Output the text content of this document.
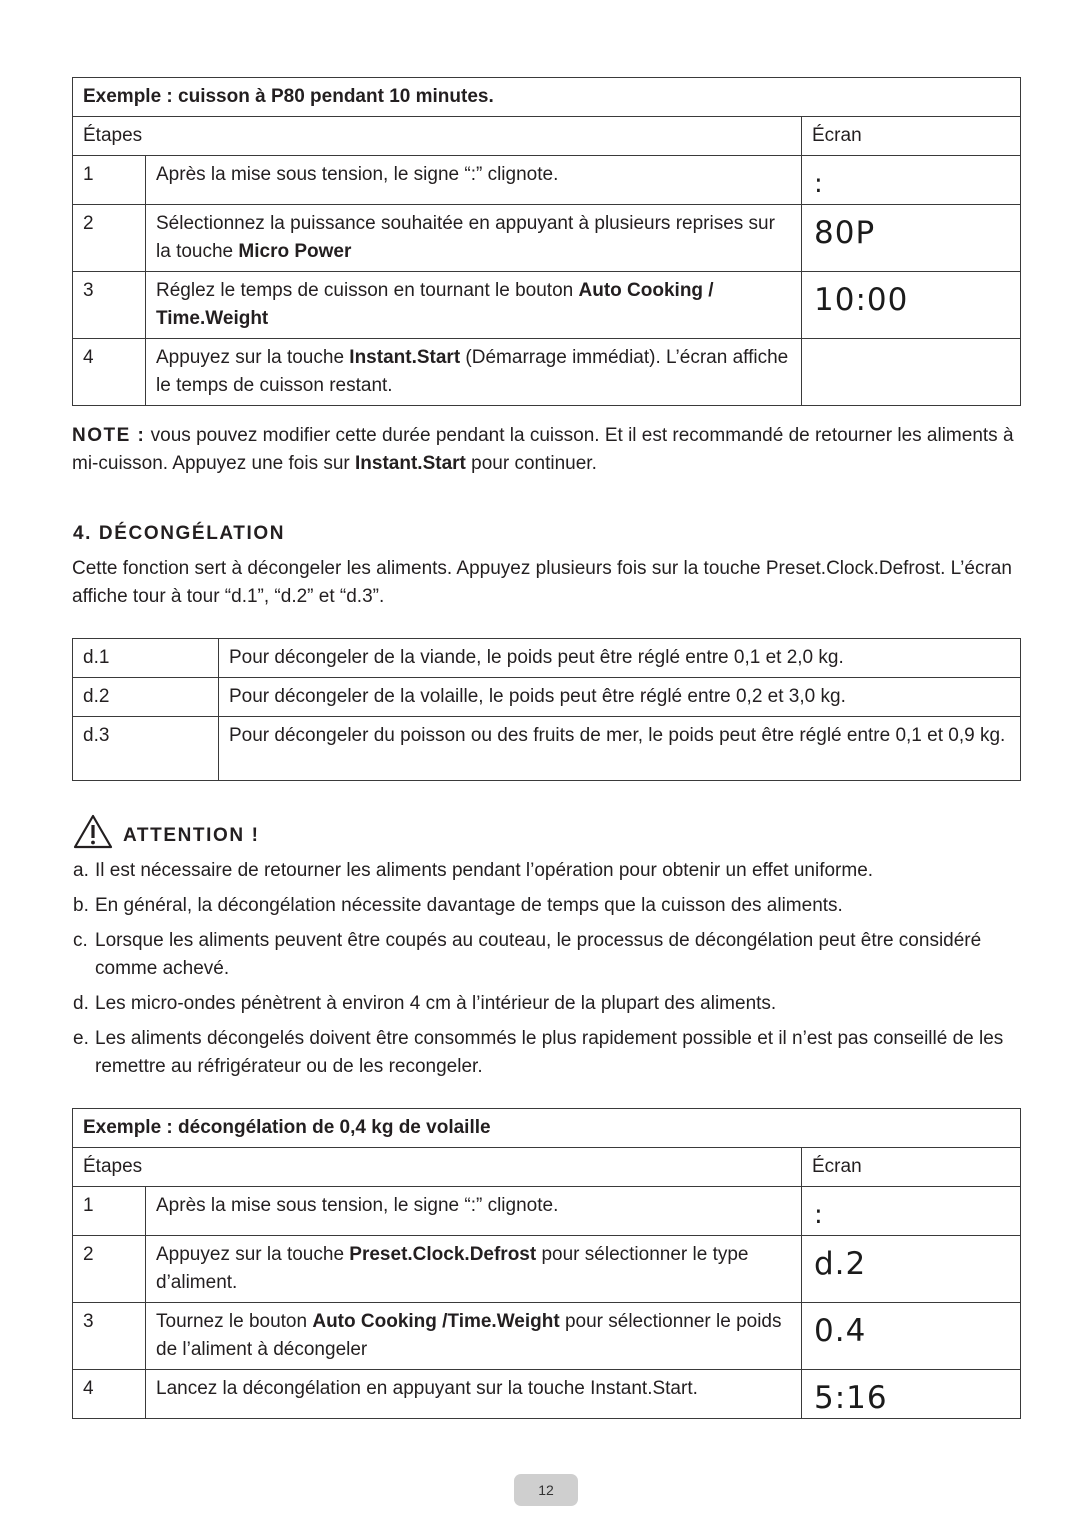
Exemple : cuisson à P80 pendant 10 minutes.		
Étapes		Écran
1	Après la mise sous tension, le signe “:” clignote.	:
2	Sélectionnez la puissance souhaitée en appuyant à plusieurs reprises sur la touche Micro Power	80P
3	Réglez le temps de cuisson en tournant le bouton Auto Cooking / Time.Weight	10:00
4	Appuyez sur la touche Instant.Start (Démarrage immédiat). L’écran affiche le temps de cuisson restant.	

NOTE : vous pouvez modifier cette durée pendant la cuisson. Et il est recommandé de retourner les aliments à mi-cuisson. Appuyez une fois sur Instant.Start pour continuer.

4. DÉCONGÉLATION

Cette fonction sert à décongeler les aliments. Appuyez plusieurs fois sur la touche Preset.Clock.Defrost. L’écran affiche tour à tour “d.1”, “d.2” et “d.3”.

d.1	Pour décongeler de la viande, le poids peut être réglé entre 0,1 et 2,0 kg.
d.2	Pour décongeler de la volaille, le poids peut être réglé entre 0,2 et 3,0 kg.
d.3	Pour décongeler du poisson ou des fruits de mer, le poids peut être réglé entre 0,1 et 0,9 kg.
ATTENTION !
a. Il est nécessaire de retourner les aliments pendant l’opération pour obtenir un effet uniforme.
b. En général, la décongélation nécessite davantage de temps que la cuisson des aliments.
c. Lorsque les aliments peuvent être coupés au couteau, le processus de décongélation peut être considéré comme achevé.
d. Les micro-ondes pénètrent à environ 4 cm à l’intérieur de la plupart des aliments.
e. Les aliments décongelés doivent être consommés le plus rapidement possible et il n’est pas conseillé de les remettre au réfrigérateur ou de les recongeler.
Exemple : décongélation de 0,4 kg de volaille		
Étapes		Écran
1	Après la mise sous tension, le signe “:” clignote.	:
2	Appuyez sur la touche Preset.Clock.Defrost pour sélectionner le type d’aliment.	d.2
3	Tournez le bouton Auto Cooking /Time.Weight pour sélectionner le poids de l’aliment à décongeler	0.4
4	Lancez la décongélation en appuyant sur la touche Instant.Start.	5:16
12
